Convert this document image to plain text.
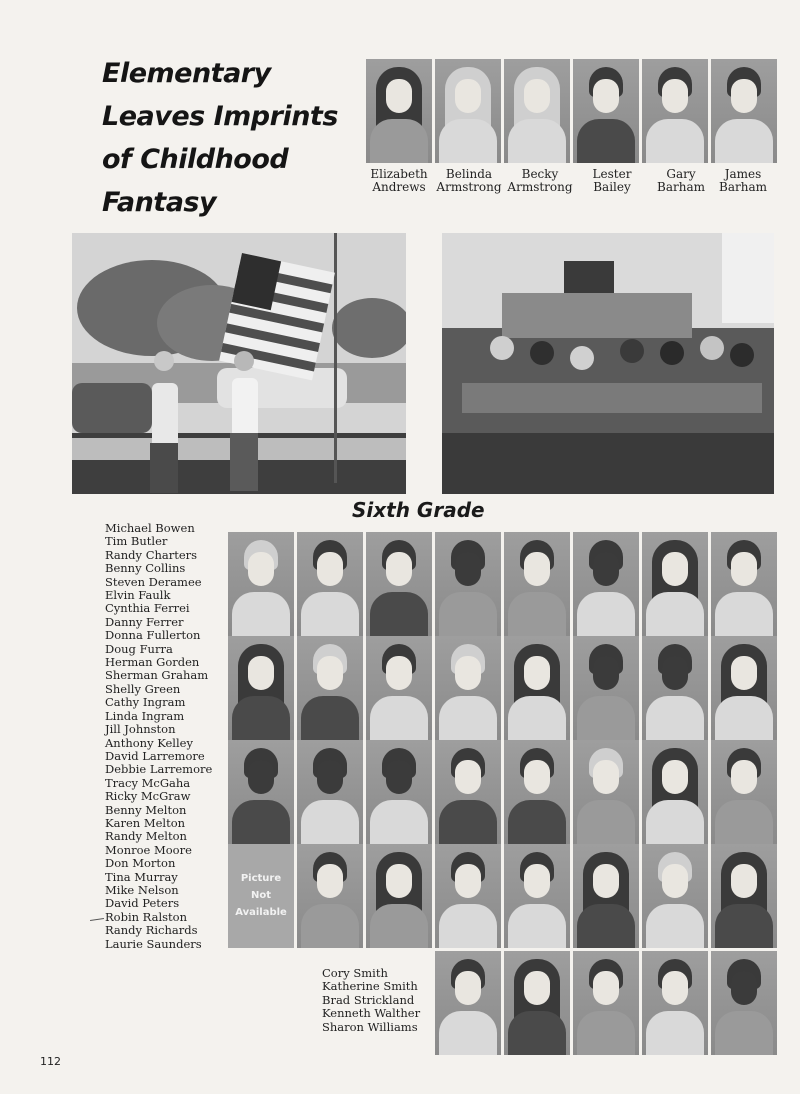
Elementary
Leaves Imprints
of Childhood
Fantasy
Elizabeth
Andrews
Belinda
Armstrong
Becky
Armstrong
Lester
Bailey
Gary
Barham
James
Barham
Sixth Grade
Michael Bowen
Tim Butler
Randy Charters
Benny Collins
Steven Deramee
Elvin Faulk
Cynthia Ferrei
Danny Ferrer
Donna Fullerton
Doug Furra
Herman Gorden
Sherman Graham
Shelly Green
Cathy Ingram
Linda Ingram
Jill Johnston
Anthony Kelley
David Larremore
Debbie Larremore
Tracy McGaha
Ricky McGraw
Benny Melton
Karen Melton
Randy Melton
Monroe Moore
Don Morton
Tina Murray
Mike Nelson
David Peters
Robin Ralston
Randy Richards
Laurie Saunders
Picture
Not
Available
Cory Smith
Katherine Smith
Brad Strickland
Kenneth Walther
Sharon Williams
112
